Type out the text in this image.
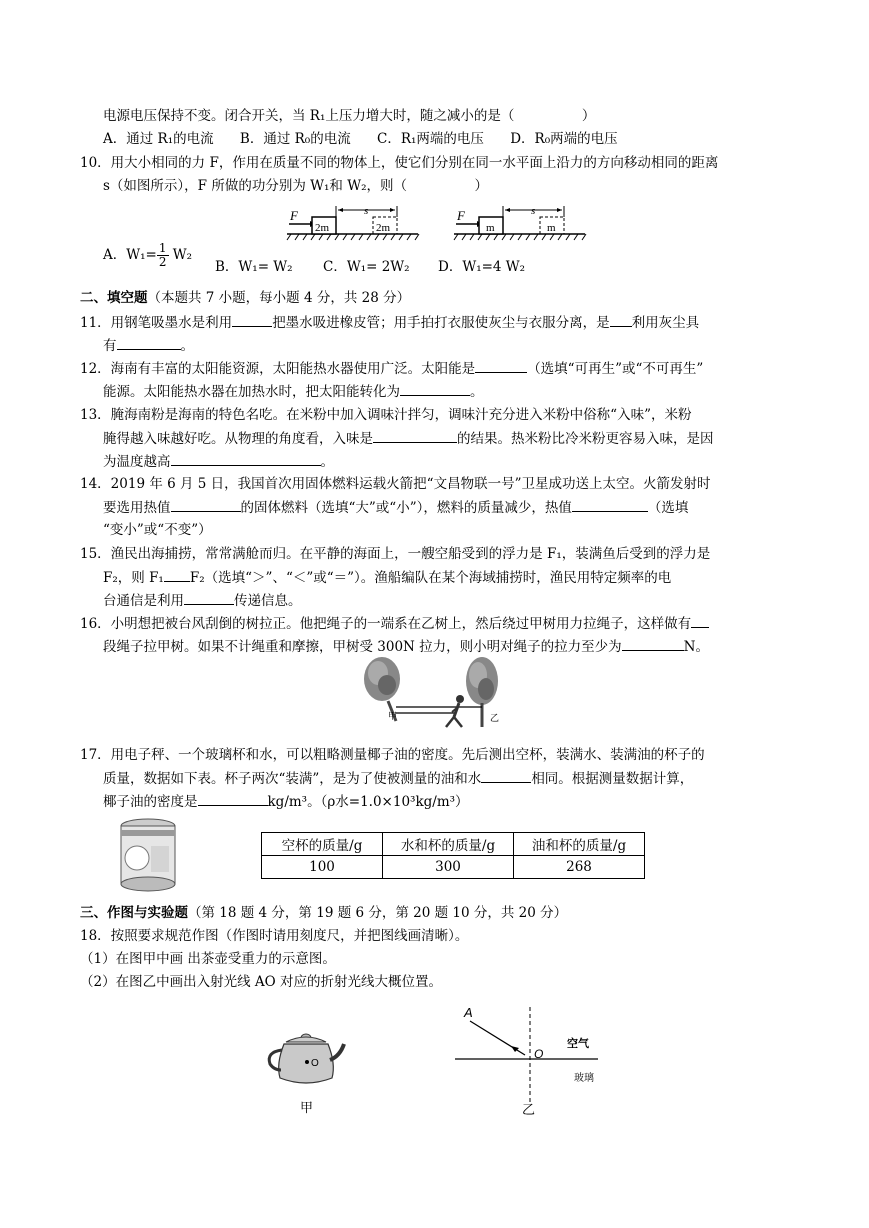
电源电压保持不变。闭合开关，当 R₁上压力增大时，随之减小的是（　　　　　）
A．通过 R₁的电流 B．通过 R₀的电流 C．R₁两端的电压 D．R₀两端的电压
10．用大小相同的力 F，作用在质量不同的物体上，使它们分别在同一水平面上沿力的方向移动相同的距离
s（如图所示），F 所做的功分别为 W₁和 W₂，则（　　　　　）
F
2m
s
2m
F
m
s
m
A．$W_1= \frac{1}{2} W_2$
B．W₁= W₂ C．W₁= 2W₂ D．W₁=4 W₂
二、填空题（本题共 7 小题，每小题 4 分，共 28 分）
11．用钢笔吸墨水是利用	把墨水吸进橡皮管；用手拍打衣服使灰尘与衣服分离，是 利用灰尘具
有	。
12．海南有丰富的太阳能资源，太阳能热水器使用广泛。太阳能是	（选填“可再生”或“不可再生”
能源。太阳能热水器在加热水时，把太阳能转化为	。
13．腌海南粉是海南的特色名吃。在米粉中加入调味汁拌匀，调味汁充分进入米粉中俗称“入味”，米粉
腌得越入味越好吃。从物理的角度看，入味是	的结果。热米粉比冷米粉更容易入味，是因
为温度越高	。
14．2019 年 6 月 5 日，我国首次用固体燃料运载火箭把“文昌物联一号”卫星成功送上太空。火箭发射时
要选用热值	的固体燃料（选填“大”或“小”），燃料的质量减少，热值	（选填
“变小”或“不变”）
15．渔民出海捕捞，常常满舱而归。在平静的海面上，一艘空船受到的浮力是 F₁，装满鱼后受到的浮力是
F₂，则 F₁ F₂（选填“＞”、“＜”或“＝”）。渔船编队在某个海域捕捞时，渔民用特定频率的电
台通信是利用	传递信息。
16．小明想把被台风刮倒的树拉正。他把绳子的一端系在乙树上，然后绕过甲树用力拉绳子，这样做有
段绳子拉甲树。如果不计绳重和摩擦，甲树受 300N 拉力，则小明对绳子的拉力至少为	N。
甲	乙
17．用电子秤、一个玻璃杯和水，可以粗略测量椰子油的密度。先后测出空杯，装满水、装满油的杯子的
质量，数据如下表。杯子两次“装满”，是为了使被测量的油和水	相同。根据测量数据计算，
椰子油的密度是	kg/m³。（ρ水=1.0×10³kg/m³）
空杯的质量/g	水和杯的质量/g	油和杯的质量/g
100	300	268
三、作图与实验题（第 18 题 4 分，第 19 题 6 分，第 20 题 10 分，共 20 分）
18．按照要求规范作图（作图时请用刻度尺，并把图线画清晰）。
（1）在图甲中画 出茶壶受重力的示意图。
（2）在图乙中画出入射光线 AO 对应的折射光线大概位置。
O
甲
A
O
空气
玻璃
乙
